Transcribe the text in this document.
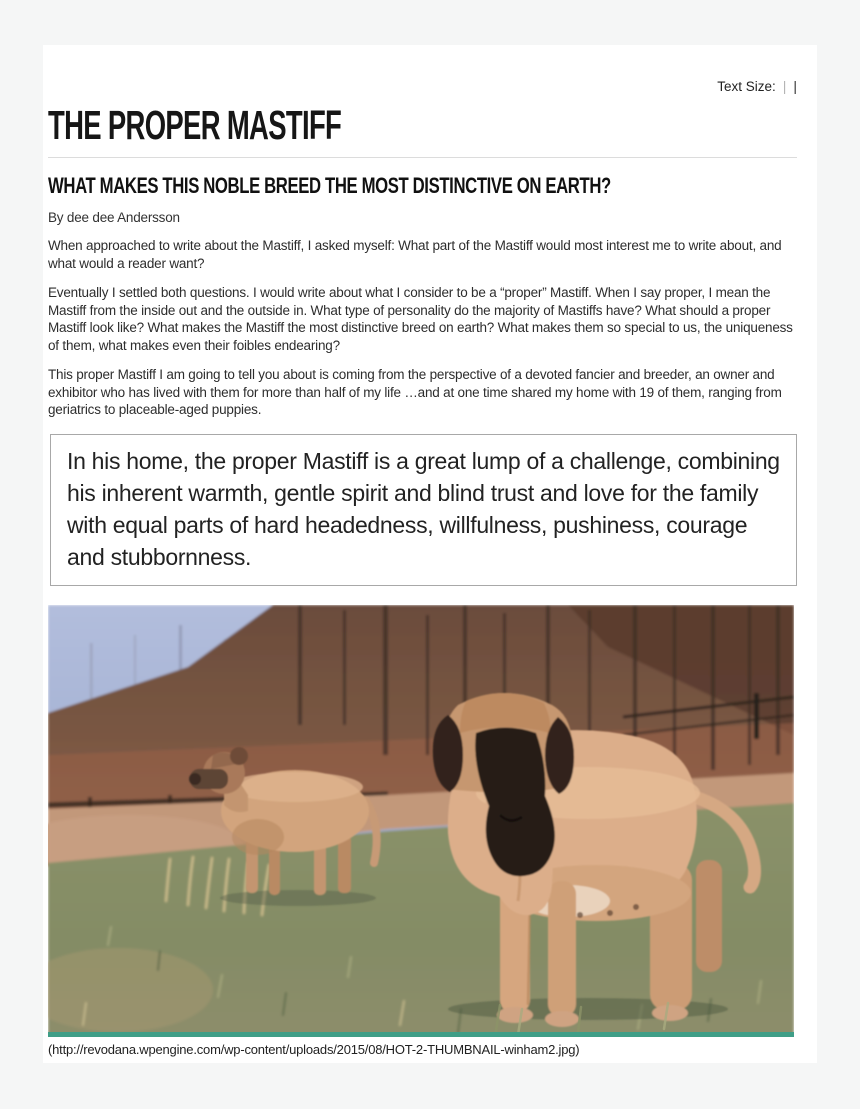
Text Size: | |
THE PROPER MASTIFF
WHAT MAKES THIS NOBLE BREED THE MOST DISTINCTIVE ON EARTH?

By dee dee Andersson

When approached to write about the Mastiff, I asked myself: What part of the Mastiff would most interest me to write about, and what would a reader want?

Eventually I settled both questions. I would write about what I consider to be a “proper” Mastiff. When I say proper, I mean the Mastiff from the inside out and the outside in. What type of personality do the majority of Mastiffs have? What should a proper Mastiff look like? What makes the Mastiff the most distinctive breed on earth? What makes them so special to us, the uniqueness of them, what makes even their foibles endearing?

This proper Mastiff I am going to tell you about is coming from the perspective of a devoted fancier and breeder, an owner and exhibitor who has lived with them for more than half of my life …and at one time shared my home with 19 of them, ranging from geriatrics to placeable-aged puppies.

In his home, the proper Mastiff is a great lump of a challenge, combining his inherent warmth, gentle spirit and blind trust and love for the family with equal parts of hard headedness, willfulness, pushiness, courage and stubbornness.
(http://revodana.wpengine.com/wp-content/uploads/2015/08/HOT-2-THUMBNAIL-winham2.jpg)
